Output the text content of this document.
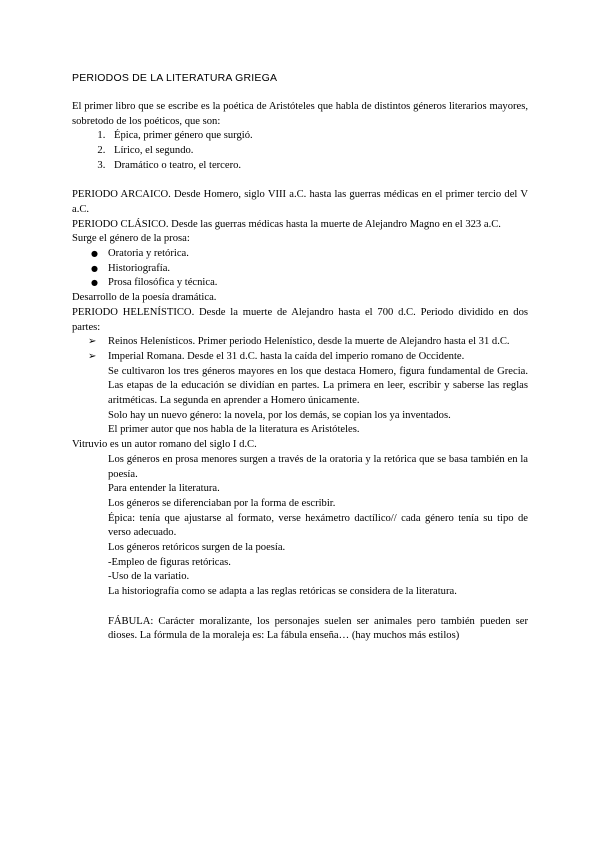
PERIODOS DE LA LITERATURA GRIEGA

El primer libro que se escribe es la poética de Aristóteles que habla de distintos géneros literarios mayores, sobretodo de los poéticos, que son:

1. Épica, primer género que surgió.
2. Lírico, el segundo.
3. Dramático o teatro, el tercero.

PERIODO ARCAICO. Desde Homero, siglo VIII a.C. hasta las guerras médicas en el primer tercio del V a.C.

PERIODO CLÁSICO. Desde las guerras médicas hasta la muerte de Alejandro Magno en el 323 a.C.

Surge el género de la prosa:

● Oratoria y retórica.
● Historiografía.
● Prosa filosófica y técnica.

Desarrollo de la poesía dramática.

PERIODO HELENÍSTICO. Desde la muerte de Alejandro hasta el 700 d.C. Periodo dividido en dos partes:

➢ Reinos Helenísticos. Primer periodo Helenístico, desde la muerte de Alejandro hasta el 31 d.C.
➢ Imperial Romana. Desde el 31 d.C. hasta la caída del imperio romano de Occidente.

Se cultivaron los tres géneros mayores en los que destaca Homero, figura fundamental de Grecia. Las etapas de la educación se dividían en partes. La primera en leer, escribir y saberse las reglas aritméticas. La segunda en aprender a Homero únicamente.

Solo hay un nuevo género: la novela, por los demás, se copian los ya inventados.

El primer autor que nos habla de la literatura es Aristóteles.

Vitruvio es un autor romano del siglo I d.C.

Los géneros en prosa menores surgen a través de la oratoria y la retórica que se basa también en la poesía.

Para entender la literatura.

Los géneros se diferenciaban por la forma de escribir.

Épica: tenía que ajustarse al formato, verse hexámetro dactílico// cada género tenía su tipo de verso adecuado.

Los géneros retóricos surgen de la poesía.

-Empleo de figuras retóricas.

-Uso de la variatio.

La historiografía como se adapta a las reglas retóricas se considera de la literatura.

FÁBULA: Carácter moralizante, los personajes suelen ser animales pero también pueden ser dioses. La fórmula de la moraleja es: La fábula enseña… (hay muchos más estilos)
